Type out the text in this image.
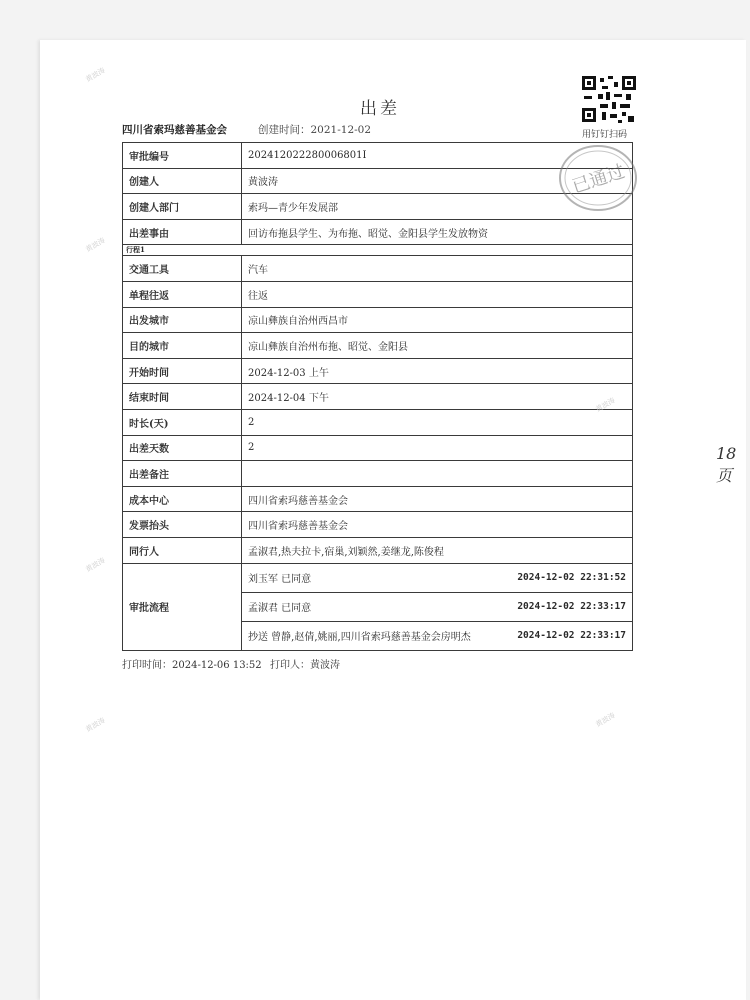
出差
四川省索玛慈善基金会	创建时间：2021-12-02	用钉钉扫码
审批编号	202412022280006801I
创建人	黄波涛
创建人部门	索玛—青少年发展部
出差事由	回访布拖县学生、为布拖、昭觉、金阳县学生发放物资
行程1	
交通工具	汽车
单程往返	往返
出发城市	凉山彝族自治州西昌市
目的城市	凉山彝族自治州布拖、昭觉、金阳县
开始时间	2024-12-03 上午
结束时间	2024-12-04 下午
时长(天)	2
出差天数	2
出差备注	
成本中心	四川省索玛慈善基金会
发票抬头	四川省索玛慈善基金会
同行人	孟淑君,热夫拉卡,宿巢,刘颖然,姜继龙,陈俊程
审批流程	刘玉军 已同意 2024-12-02 22:31:52

	孟淑君 已同意 2024-12-02 22:33:17

	抄送 曾静,赵倩,姚丽,四川省索玛慈善基金会房明杰 2024-12-02 22:33:17
已通过
打印时间：2024-12-06 13:52 打印人：黄波涛
18页
黄波涛
黄波涛
黄波涛
黄波涛
黄波涛
黄波涛
